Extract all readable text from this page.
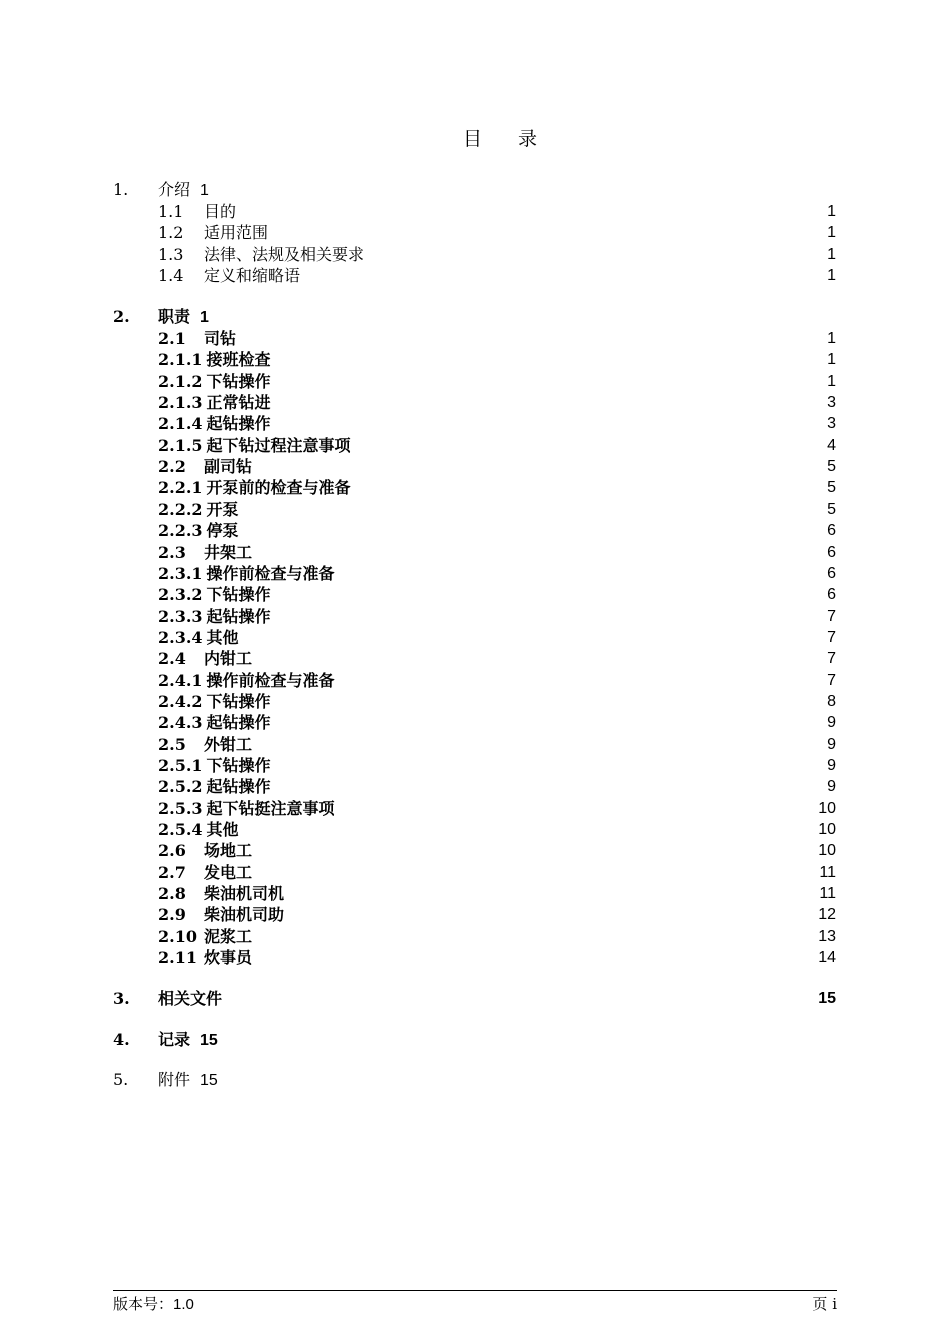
目 录
1. 介绍 1
1.1 目的	1
1.2 适用范围	1
1.3 法律、法规及相关要求	1
1.4 定义和缩略语	1
2. 职责 1
2.1 司钻	1
2.1.1 接班检查	1
2.1.2 下钻操作	1
2.1.3 正常钻进	3
2.1.4 起钻操作	3
2.1.5 起下钻过程注意事项	4
2.2 副司钻	5
2.2.1 开泵前的检查与准备	5
2.2.2 开泵	5
2.2.3 停泵	6
2.3 井架工	6
2.3.1 操作前检查与准备	6
2.3.2 下钻操作	6
2.3.3 起钻操作	7
2.3.4 其他	7
2.4 内钳工	7
2.4.1 操作前检查与准备	7
2.4.2 下钻操作	8
2.4.3 起钻操作	9
2.5 外钳工	9
2.5.1 下钻操作	9
2.5.2 起钻操作	9
2.5.3 起下钻挺注意事项	10
2.5.4 其他	10
2.6 场地工	10
2.7 发电工	11
2.8 柴油机司机	11
2.9 柴油机司助	12
2.10 泥浆工	13
2.11 炊事员	14
3. 相关文件	15
4. 记录 15
5. 附件 15
版本号：1.0	页 i
